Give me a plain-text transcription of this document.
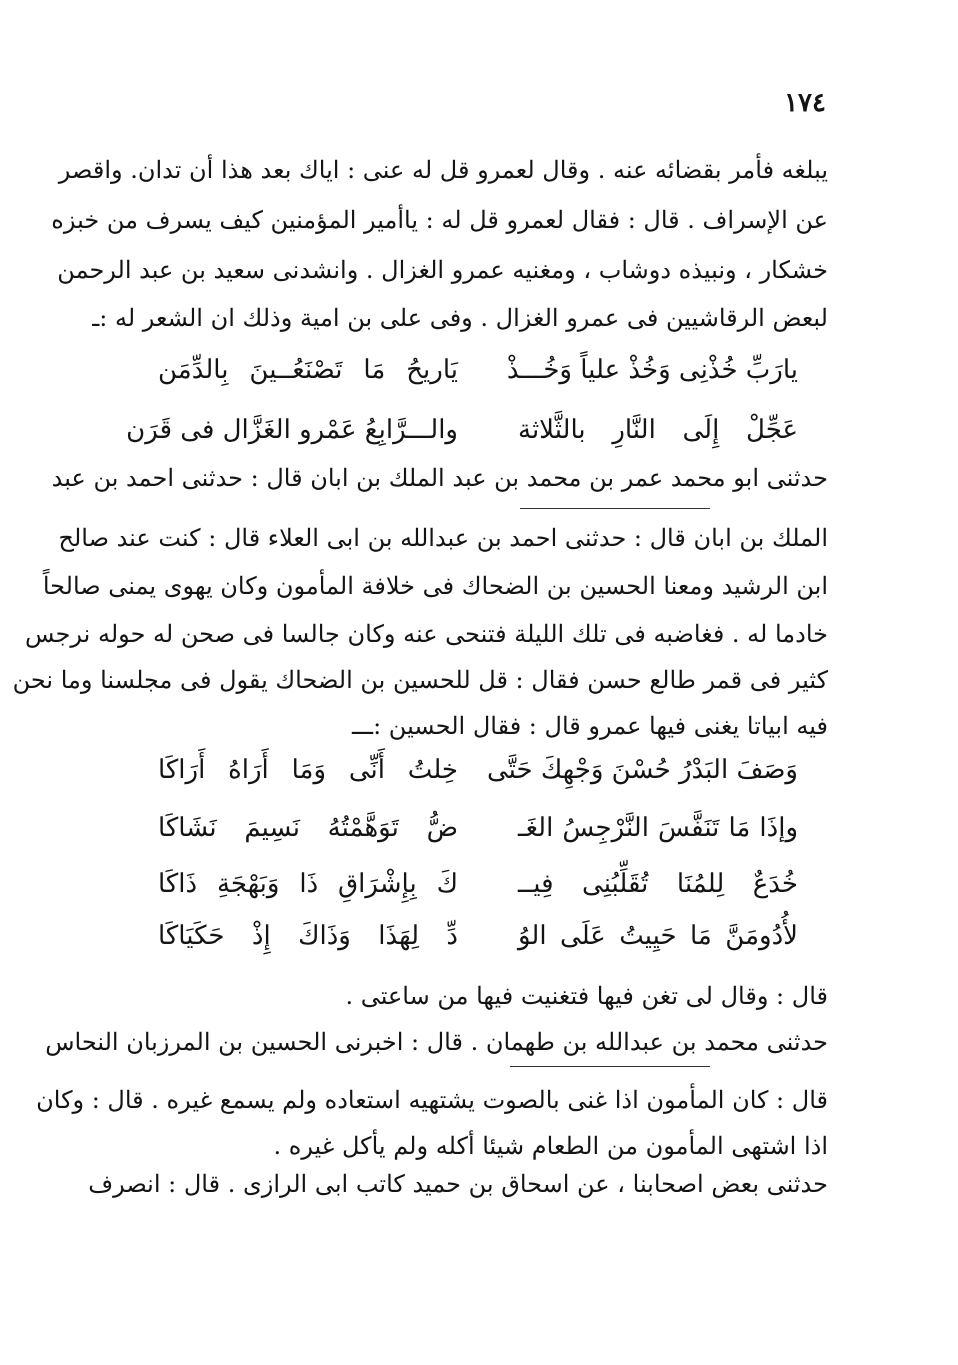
١٧٤
يبلغه فأمر بقضائه عنه . وقال لعمرو قل له عنى : اياك بعد هذا أن تدان. واقصر
عن الإسراف . قال : فقال لعمرو قل له : ياأمير المؤمنين كيف يسرف من خبزه
خشكار ، ونبيذه دوشاب ، ومغنيه عمرو الغزال . وانشدنى سعيد بن عبد الرحمن
لبعض الرقاشيين فى عمرو الغزال . وفى على بن امية وذلك ان الشعر له :ـ
يارَبِّ خُذْنِى وَخُذْ علياً وَخُـــذْ
يَاريحُ مَا تَصْنَعُــينَ بِالدِّمَن
عَجِّلْ إِلَى النَّارِ بالثَّلاثة
والـــرَّابِعُ عَمْرو الغَزَّال فى قَرَن
حدثنى ابو محمد عمر بن محمد بن عبد الملك بن ابان قال : حدثنى احمد بن عبد
الملك بن ابان قال : حدثنى احمد بن عبدالله بن ابى العلاء قال : كنت عند صالح
ابن الرشيد ومعنا الحسين بن الضحاك فى خلافة المأمون وكان يهوى يمنى صالحاً
خادما له . فغاضبه فى تلك الليلة فتنحى عنه وكان جالسا فى صحن له حوله نرجس
كثير فى قمر طالع حسن فقال : قل للحسين بن الضحاك يقول فى مجلسنا وما نحن
فيه ابياتا يغنى فيها عمرو قال : فقال الحسين :ـــ
وَصَفَ البَدْرُ حُسْنَ وَجْهِكَ حَتَّى
خِلتُ أَنِّى وَمَا أَرَاهُ أَرَاكَا
وإذَا مَا تَنَفَّسَ النَّرْجِسُ الغَـ
ضُّ تَوَهَّمْتُهُ نَسِيمَ نَشَاكَا
خُدَعٌ لِلمُنَا تُقَلِّبُنِى فِيــ
كَ بِإِشْرَاقِ ذَا وَبَهْجَةِ ذَاكَا
لأُدُومَنَّ مَا حَيِيتُ عَلَى الوُ
دِّ لِهَذَا وَذَاكَ إِذْ حَكَيَاكَا
قال : وقال لى تغن فيها فتغنيت فيها من ساعتى .
حدثنى محمد بن عبدالله بن طهمان . قال : اخبرنى الحسين بن المرزبان النحاس
قال : كان المأمون اذا غنى بالصوت يشتهيه استعاده ولم يسمع غيره . قال : وكان
اذا اشتهى المأمون من الطعام شيئا أكله ولم يأكل غيره .
حدثنى بعض اصحابنا ، عن اسحاق بن حميد كاتب ابى الرازى . قال : انصرف
